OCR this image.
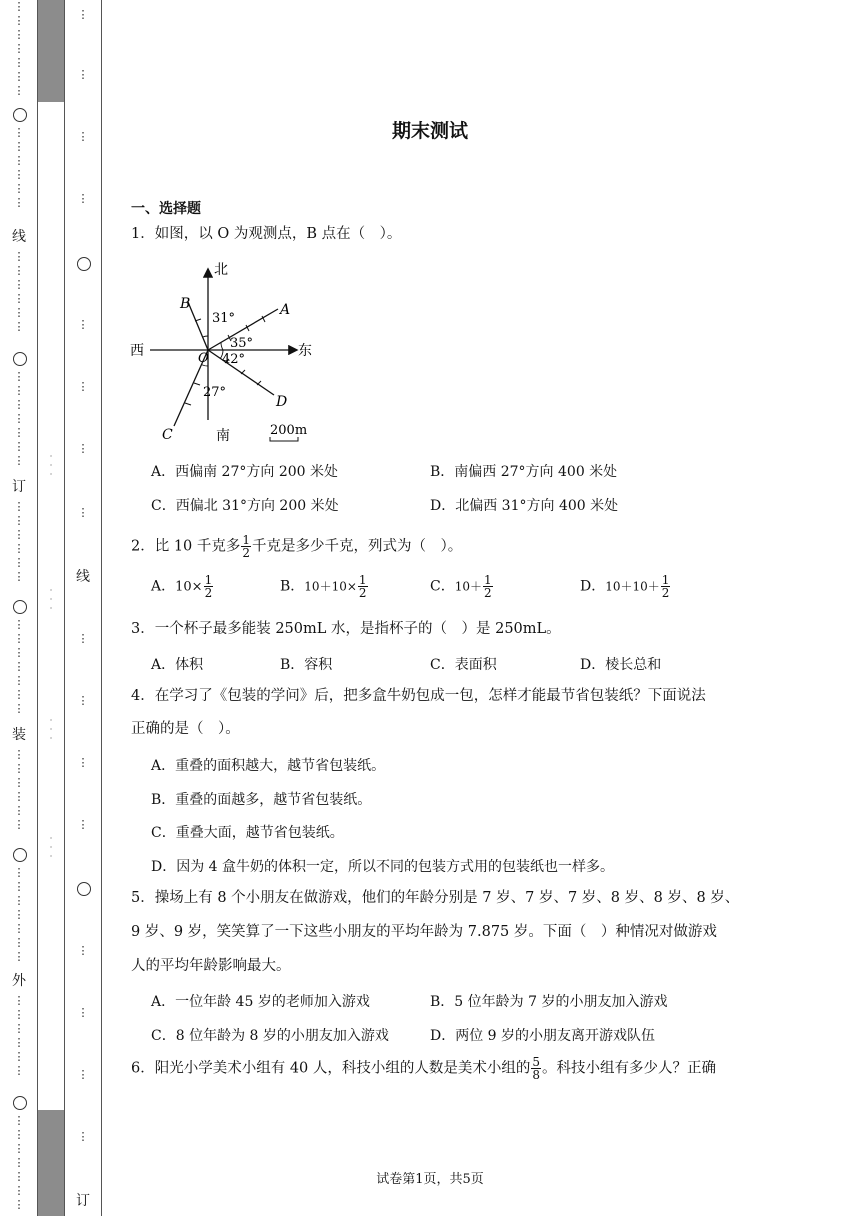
⋮
⋮
⋮
⋮
⋮
⋮
⋮
⋮
⋮
⋮
⋮
⋮
⋮
线
⋮
⋮
⋮
⋮
⋮
⋮
⋮
⋮
⋮
⋮
⋮
⋮
⋮
订
⋮
⋮
⋮
⋮
⋮
⋮
⋮
⋮
⋮
⋮
⋮
⋮
⋮
装
⋮
⋮
⋮
⋮
⋮
⋮
⋮
⋮
⋮
⋮
⋮
⋮
⋮
外
⋮
⋮
⋮
⋮
⋮
⋮
⋮
⋮
⋮
⋮
⋮
⋮
⋮
·
·
·
·
·
·
·
·
·
·
·
·
⋮
⋮
⋮
⋮
⋮
⋮
⋮
⋮
线
⋮
⋮
⋮
⋮
⋮
⋮
⋮
⋮
订
期末测试
一、选择题
1．如图，以 O 为观测点，B 点在（　）。
北
南
西	东
O
B	A
D
C
31°
35°
42°
27°
200m
A．西偏南 27°方向 200 米处	B．南偏西 27°方向 400 米处
C．西偏北 31°方向 200 米处	D．北偏西 31°方向 400 米处
2．比 10 千克多 $\frac{1}{2}$ 千克是多少千克，列式为（　）。
A．$10\times \frac{1}{2}$	B．$10+10\times \frac{1}{2}$	C．$10+ \frac{1}{2}$	D．$10+10+ \frac{1}{2}$
3．一个杯子最多能装 250mL 水，是指杯子的（　）是 250mL。
A．体积	B．容积	C．表面积	D．棱长总和
4．在学习了《包装的学问》后，把多盒牛奶包成一包，怎样才能最节省包装纸？下面说法
正确的是（　）。
A．重叠的面积越大，越节省包装纸。
B．重叠的面越多，越节省包装纸。
C．重叠大面，越节省包装纸。
D．因为 4 盒牛奶的体积一定，所以不同的包装方式用的包装纸也一样多。
5．操场上有 8 个小朋友在做游戏，他们的年龄分别是 7 岁、7 岁、7 岁、8 岁、8 岁、8 岁、
9 岁、9 岁，笑笑算了一下这些小朋友的平均年龄为 7.875 岁。下面（　）种情况对做游戏
人的平均年龄影响最大。
A．一位年龄 45 岁的老师加入游戏	B．5 位年龄为 7 岁的小朋友加入游戏
C．8 位年龄为 8 岁的小朋友加入游戏	D．两位 9 岁的小朋友离开游戏队伍
6．阳光小学美术小组有 40 人，科技小组的人数是美术小组的 $\frac{5}{8}$ 。科技小组有多少人？正确
试卷第1页，共5页
